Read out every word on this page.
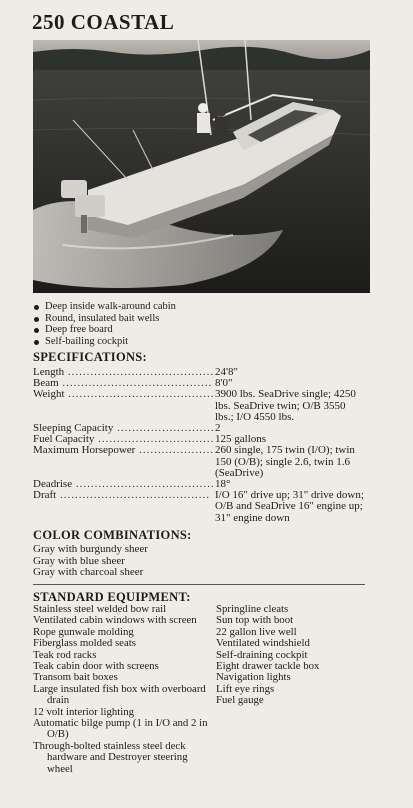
250 COASTAL
Deep inside walk-around cabin
Round, insulated bait wells
Deep free board
Self-bailing cockpit
SPECIFICATIONS:
Length .....	24'8"
Beam .....	8'0"
Weight .....	3900 lbs. SeaDrive single; 4250 lbs. SeaDrive twin; O/B 3550 lbs.; I/O 4550 lbs.
Sleeping Capacity .....	2
Fuel Capacity .....	125 gallons
Maximum Horsepower .....	260 single, 175 twin (I/O); twin 150 (O/B); single 2.6, twin 1.6 (SeaDrive)
Deadrise .....	18°
Draft .....	I/O 16" drive up; 31" drive down; O/B and SeaDrive 16" engine up; 31" engine down
COLOR COMBINATIONS:
Gray with burgundy sheer
Gray with blue sheer
Gray with charcoal sheer
STANDARD EQUIPMENT:
Stainless steel welded bow rail
Ventilated cabin windows with screen
Rope gunwale molding
Fiberglass molded seats
Teak rod racks
Teak cabin door with screens
Transom bait boxes
Large insulated fish box with overboard drain
12 volt interior lighting
Automatic bilge pump (1 in I/O and 2 in O/B)
Through-bolted stainless steel deck hardware and Destroyer steering wheel
Springline cleats
Sun top with boot
22 gallon live well
Ventilated windshield
Self-draining cockpit
Eight drawer tackle box
Navigation lights
Lift eye rings
Fuel gauge
